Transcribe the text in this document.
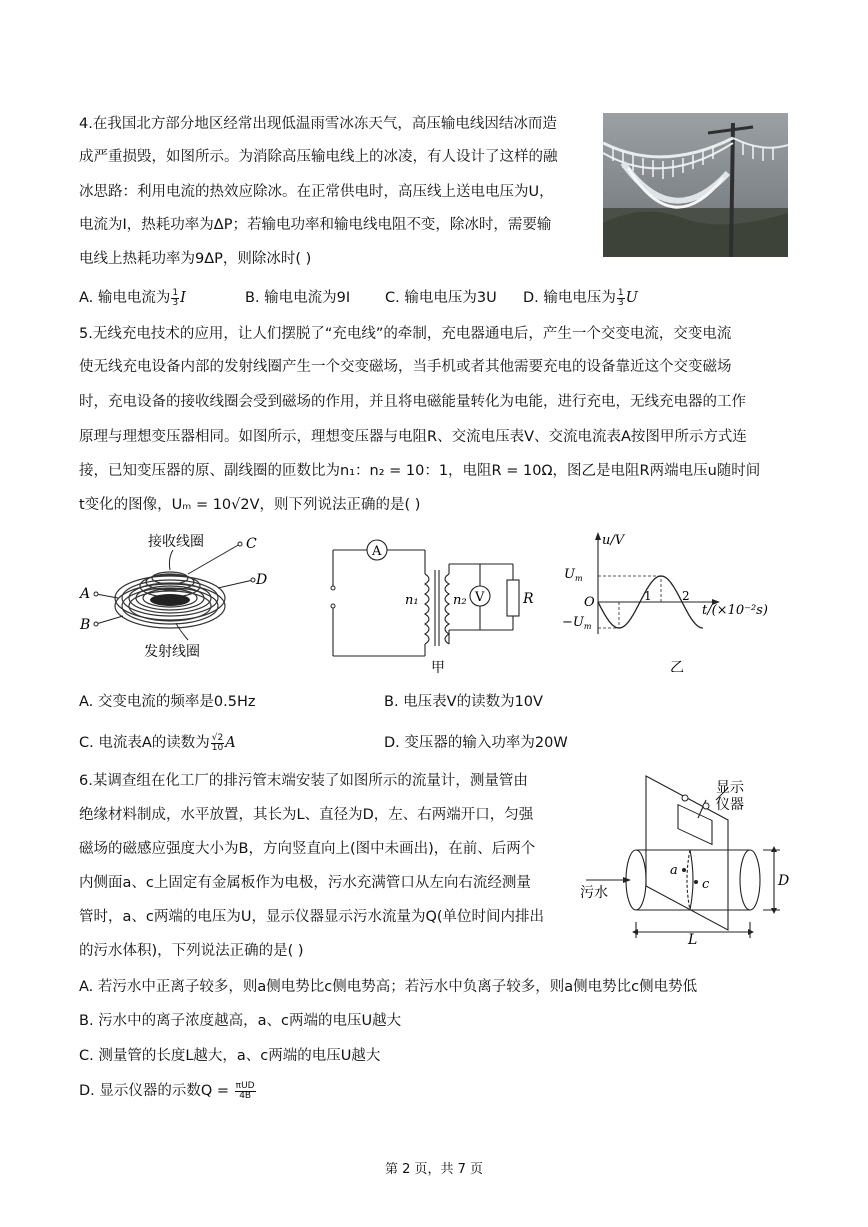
4.在我国北方部分地区经常出现低温雨雪冰冻天气，高压输电线因结冰而造
成严重损毁，如图所示。为消除高压输电线上的冰凌，有人设计了这样的融
冰思路：利用电流的热效应除冰。在正常供电时，高压线上送电电压为U，
电流为I，热耗功率为ΔP；若输电功率和输电线电阻不变，除冰时，需要输
电线上热耗功率为9ΔP，则除冰时( )
A. 输电电流为 $\frac{1}{3}$ I	B. 输电电流为9I C. 输电电压为3U D. 输电电压为 $\frac{1}{3}$ U
5.无线充电技术的应用，让人们摆脱了“充电线”的牵制，充电器通电后，产生一个交变电流，交变电流
使无线充电设备内部的发射线圈产生一个交变磁场，当手机或者其他需要充电的设备靠近这个交变磁场
时，充电设备的接收线圈会受到磁场的作用，并且将电磁能量转化为电能，进行充电，无线充电器的工作
原理与理想变压器相同。如图所示，理想变压器与电阻R、交流电压表V、交流电流表A按图甲所示方式连
接，已知变压器的原、副线圈的匝数比为n₁：n₂ = 10：1，电阻R = 10Ω，图乙是电阻R两端电压u随时间
t变化的图像，Uₘ = 10√2V，则下列说法正确的是( )
接收线圈
A
B
C
D
发射线圈
A
V
n₁	n₂	R
甲
u/V
$U_m$
O
$-U_m$
1	2
t/(×10⁻²s)
乙
A. 交变电流的频率是0.5Hz	B. 电压表V的读数为10V
C. 电流表A的读数为 $\frac{√2}{10}$ A	D. 变压器的输入功率为20W
6.某调查组在化工厂的排污管末端安装了如图所示的流量计，测量管由
绝缘材料制成，水平放置，其长为L、直径为D，左、右两端开口，匀强
磁场的磁感应强度大小为B，方向竖直向上(图中未画出)，在前、后两个
内侧面a、c上固定有金属板作为电极，污水充满管口从左向右流经测量
管时，a、c两端的电压为U，显示仪器显示污水流量为Q(单位时间内排出
的污水体积)，下列说法正确的是( )
显示
仪器
污水
a
c	D
L
A. 若污水中正离子较多，则a侧电势比c侧电势高；若污水中负离子较多，则a侧电势比c侧电势低
B. 污水中的离子浓度越高，a、c两端的电压U越大
C. 测量管的长度L越大，a、c两端的电压U越大
D. 显示仪器的示数$Q = \frac{\text{πUD}}{4B}$
第 2 页，共 7 页
